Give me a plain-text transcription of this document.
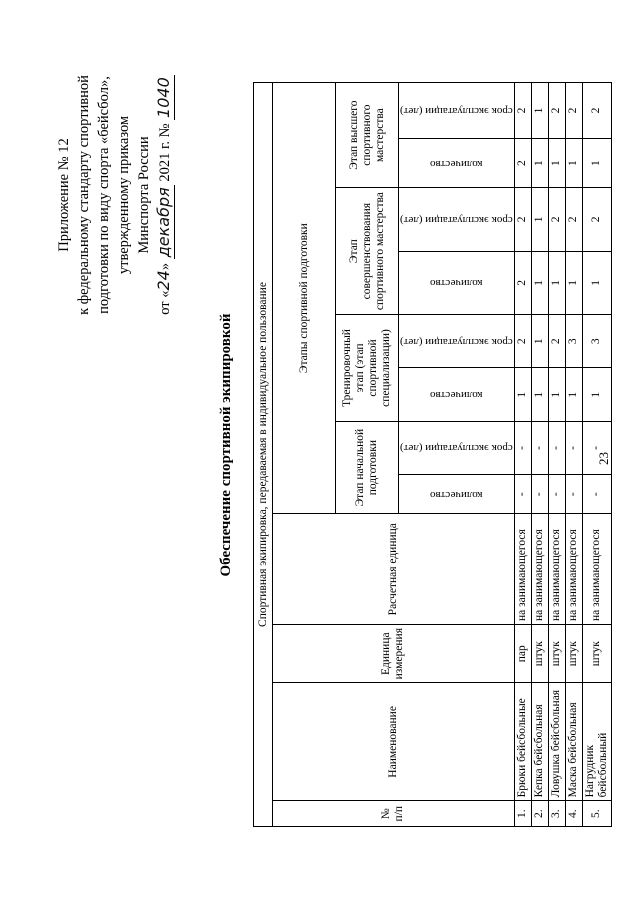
23
Приложение № 12 к федеральному стандарту спортивной подготовки по виду спорта «бейсбол», утвержденному приказом Минспорта России
от «24» декабря 2021 г. № 1040
Обеспечение спортивной экипировкой Спортивная экипировка, передаваемая в индивидуальное пользование											
№ п/п	Наименование	Единица измерения	Расчетная единица	Этапы спортивной подготовки							
				Этап начальной подготовки		Тренировочный этап (этап спортивной специализации)		Этап совершенствования спортивного мастерства		Этап высшего спортивного мастерства	

				количество	срок эксплуатации (лет)	количество	срок эксплуатации (лет)	количество	срок эксплуатации (лет)	количество	срок эксплуатации (лет)

1.	Брюки бейсбольные	пар	на занимающегося	-	-	1	2	2	2	2	2
2.	Кепка бейсбольная	штук	на занимающегося	-	-	1	1	1	1	1	1
3.	Ловушка бейсбольная	штук	на занимающегося	-	-	1	2	1	2	1	2
4.	Маска бейсбольная	штук	на занимающегося	-	-	1	3	1	2	1	2
5.	Нагрудник бейсбольный	штук	на занимающегося	-	-	1	3	1	2	1	2
